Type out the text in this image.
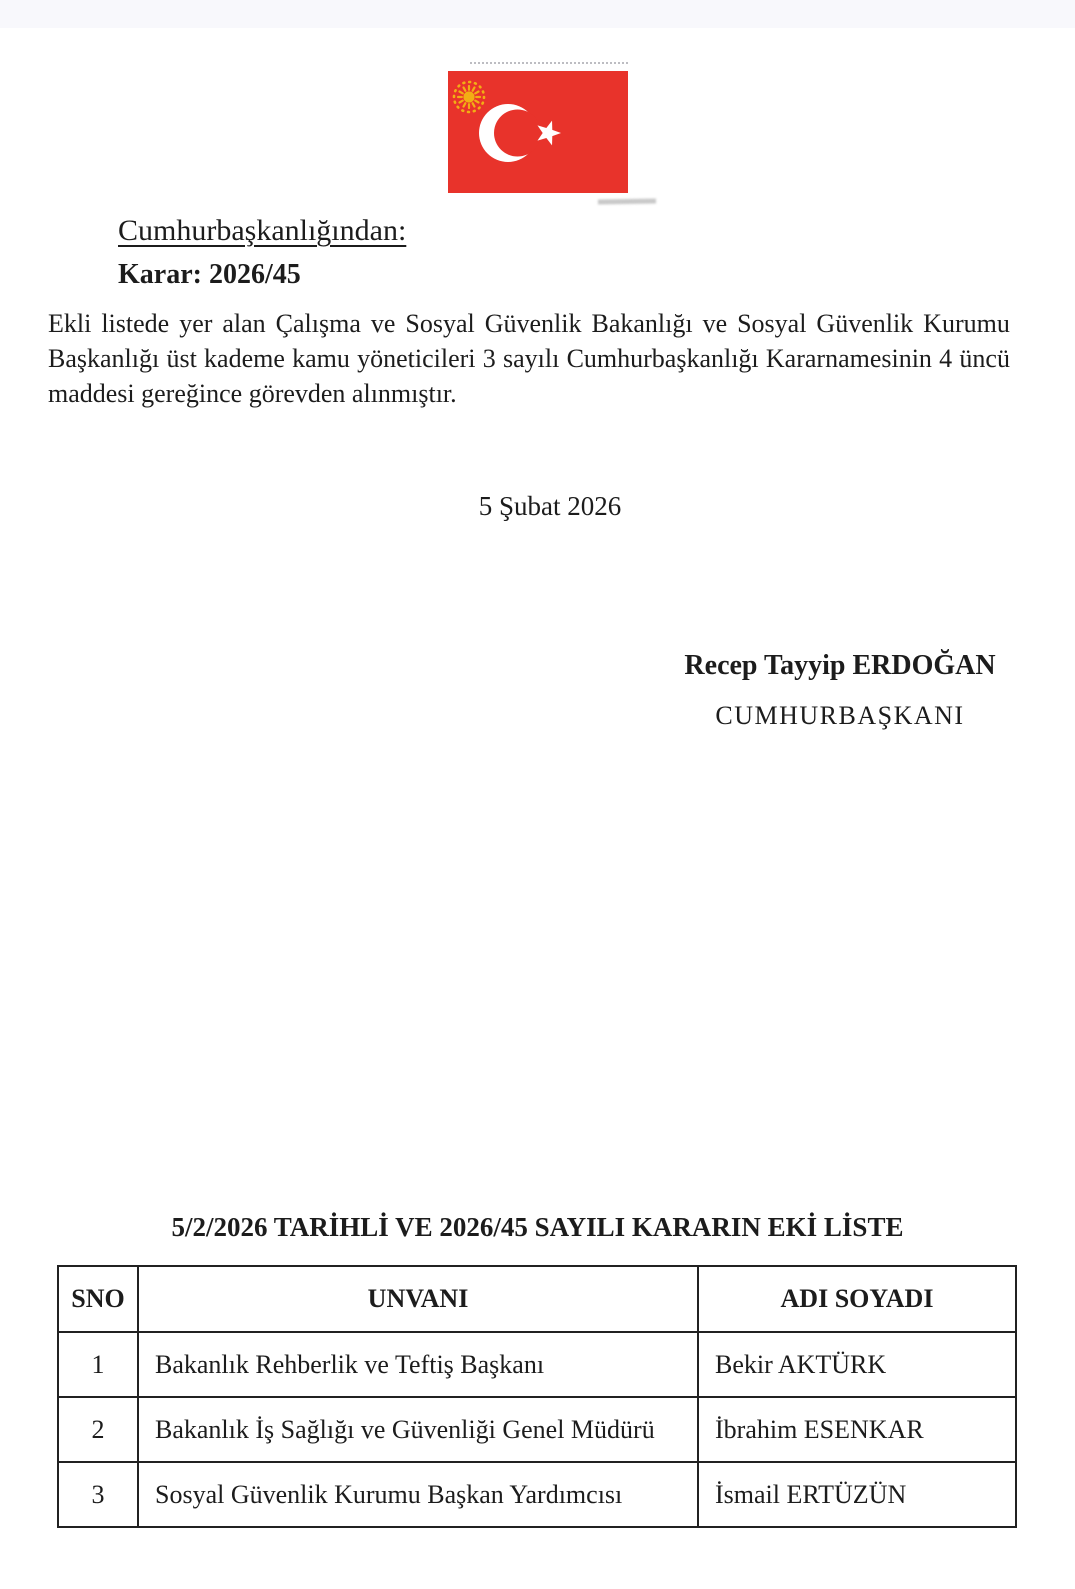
Cumhurbaşkanlığından:
Karar: 2026/45
Ekli listede yer alan Çalışma ve Sosyal Güvenlik Bakanlığı ve Sosyal Güvenlik Kurumu
Başkanlığı üst kademe kamu yöneticileri 3 sayılı Cumhurbaşkanlığı Kararnamesinin 4 üncü
maddesi gereğince görevden alınmıştır.
5 Şubat 2026
Recep Tayyip ERDOĞAN
CUMHURBAŞKANI
5/2/2026 TARİHLİ VE 2026/45 SAYILI KARARIN EKİ LİSTE
SNO	UNVANI	ADI SOYADI
1	Bakanlık Rehberlik ve Teftiş Başkanı	Bekir AKTÜRK
2	Bakanlık İş Sağlığı ve Güvenliği Genel Müdürü	İbrahim ESENKAR
3	Sosyal Güvenlik Kurumu Başkan Yardımcısı	İsmail ERTÜZÜN
